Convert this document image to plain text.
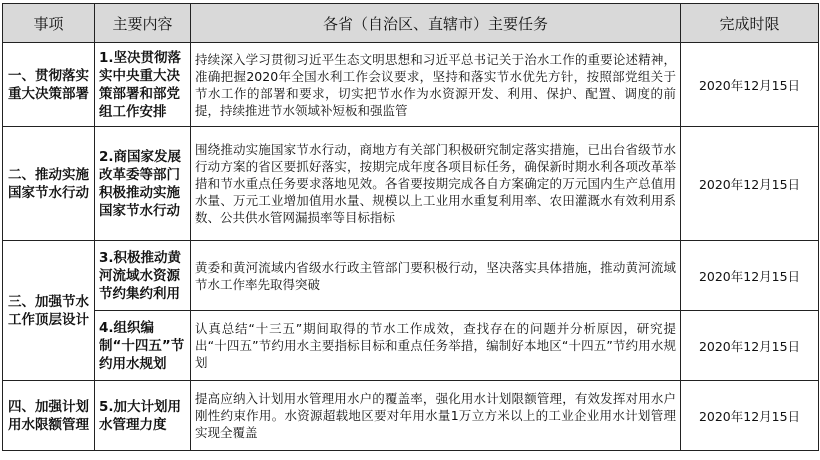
事项	主要内容	各省（自治区、直辖市）主要任务	完成时限
一、贯彻落实重大决策部署	1.坚决贯彻落实中央重大决策部署和部党组工作安排	持续深入学习贯彻习近平生态文明思想和习近平总书记关于治水工作的重要论述精神，准确把握2020年全国水利工作会议要求，坚持和落实节水优先方针，按照部党组关于节水工作的部署和要求，切实把节水作为水资源开发、利用、保护、配置、调度的前提，持续推进节水领域补短板和强监管	2020年12月15日
二、推动实施国家节水行动	2.商国家发展改革委等部门积极推动实施国家节水行动	围绕推动实施国家节水行动，商地方有关部门积极研究制定落实措施，已出台省级节水行动方案的省区要抓好落实，按期完成年度各项目标任务，确保新时期水利各项改革举措和节水重点任务要求落地见效。各省要按期完成各自方案确定的万元国内生产总值用水量、万元工业增加值用水量、规模以上工业用水重复利用率、农田灌溉水有效利用系数、公共供水管网漏损率等目标指标	2020年12月15日
三、加强节水工作顶层设计	3.积极推动黄河流域水资源节约集约利用	黄委和黄河流域内省级水行政主管部门要积极行动，坚决落实具体措施，推动黄河流域节水工作率先取得突破	2020年12月15日
	4.组织编制“十四五”节约用水规划	认真总结“十三五”期间取得的节水工作成效，查找存在的问题并分析原因，研究提出“十四五”节约用水主要指标目标和重点任务举措，编制好本地区“十四五”节约用水规划	2020年12月15日
四、加强计划用水限额管理	5.加大计划用水管理力度	提高应纳入计划用水管理用水户的覆盖率，强化用水计划限额管理，有效发挥对用水户刚性约束作用。水资源超载地区要对年用水量1万立方米以上的工业企业用水计划管理实现全覆盖	2020年12月15日
